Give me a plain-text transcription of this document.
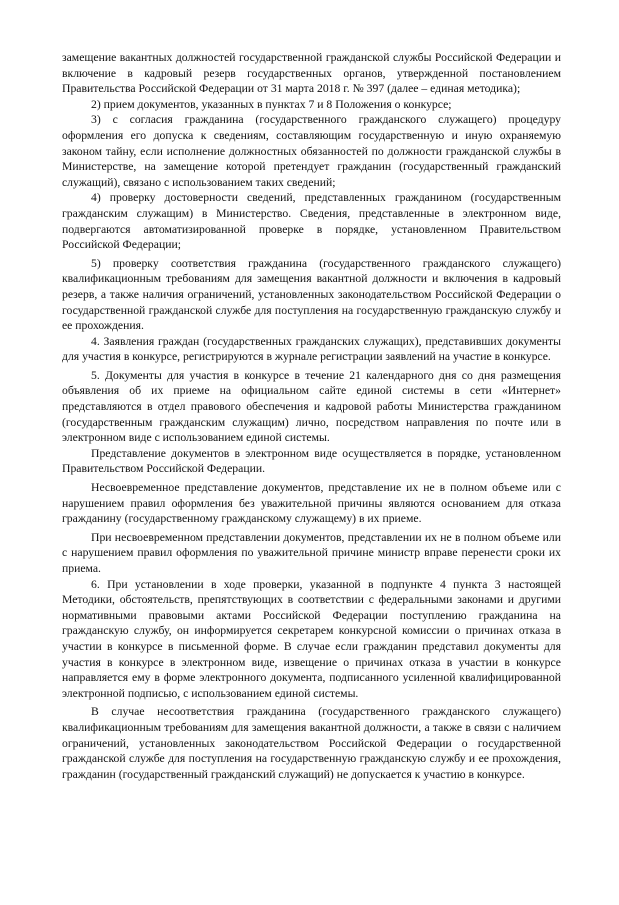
замещение вакантных должностей государственной гражданской службы Российской Федерации и включение в кадровый резерв государственных органов, утвержденной постановлением Правительства Российской Федерации от 31 марта 2018 г. № 397 (далее – единая методика);

2) прием документов, указанных в пунктах 7 и 8 Положения о конкурсе;

3) с согласия гражданина (государственного гражданского служащего) процедуру оформления его допуска к сведениям, составляющим государственную и иную охраняемую законом тайну, если исполнение должностных обязанностей по должности гражданской службы в Министерстве, на замещение которой претендует гражданин (государственный гражданский служащий), связано с использованием таких сведений;

4) проверку достоверности сведений, представленных гражданином (государственным гражданским служащим) в Министерство. Сведения, представленные в электронном виде, подвергаются автоматизированной проверке в порядке, установленном Правительством Российской Федерации;

5) проверку соответствия гражданина (государственного гражданского служащего) квалификационным требованиям для замещения вакантной должности и включения в кадровый резерв, а также наличия ограничений, установленных законодательством Российской Федерации о государственной гражданской службе для поступления на государственную гражданскую службу и ее прохождения.

4. Заявления граждан (государственных гражданских служащих), представивших документы для участия в конкурсе, регистрируются в журнале регистрации заявлений на участие в конкурсе.

5. Документы для участия в конкурсе в течение 21 календарного дня со дня размещения объявления об их приеме на официальном сайте единой системы в сети «Интернет» представляются в отдел правового обеспечения и кадровой работы Министерства гражданином (государственным гражданским служащим) лично, посредством направления по почте или в электронном виде с использованием единой системы.

Представление документов в электронном виде осуществляется в порядке, установленном Правительством Российской Федерации.

Несвоевременное представление документов, представление их не в полном объеме или с нарушением правил оформления без уважительной причины являются основанием для отказа гражданину (государственному гражданскому служащему) в их приеме.

При несвоевременном представлении документов, представлении их не в полном объеме или с нарушением правил оформления по уважительной причине министр вправе перенести сроки их приема.

6. При установлении в ходе проверки, указанной в подпункте 4 пункта 3 настоящей Методики, обстоятельств, препятствующих в соответствии с федеральными законами и другими нормативными правовыми актами Российской Федерации поступлению гражданина на гражданскую службу, он информируется секретарем конкурсной комиссии о причинах отказа в участии в конкурсе в письменной форме. В случае если гражданин представил документы для участия в конкурсе в электронном виде, извещение о причинах отказа в участии в конкурсе направляется ему в форме электронного документа, подписанного усиленной квалифицированной электронной подписью, с использованием единой системы.

В случае несоответствия гражданина (государственного гражданского служащего) квалификационным требованиям для замещения вакантной должности, а также в связи с наличием ограничений, установленных законодательством Российской Федерации о государственной гражданской службе для поступления на государственную гражданскую службу и ее прохождения, гражданин (государственный гражданский служащий) не допускается к участию в конкурсе.
